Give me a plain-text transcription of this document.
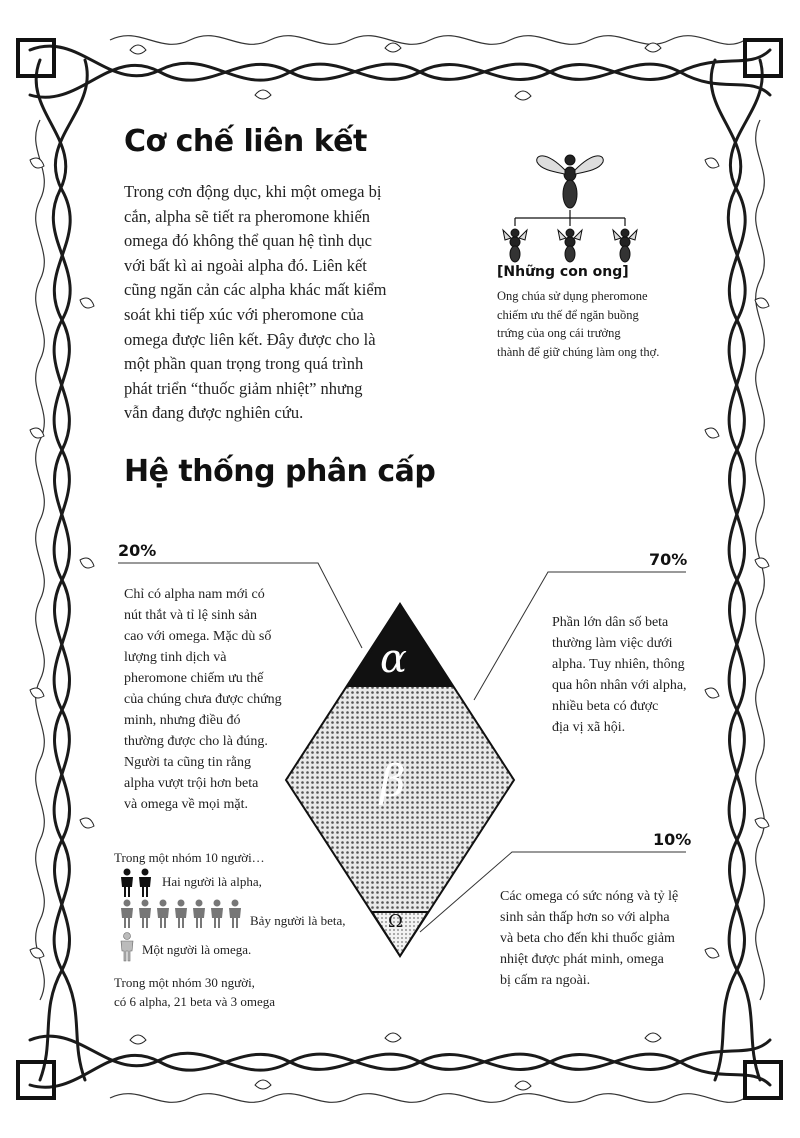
Cơ chế liên kết
Trong cơn động dục, khi một omega bị
cắn, alpha sẽ tiết ra pheromone khiến
omega đó không thể quan hệ tình dục
với bất kì ai ngoài alpha đó. Liên kết
cũng ngăn cản các alpha khác mất kiểm
soát khi tiếp xúc với pheromone của
omega được liên kết. Đây được cho là
một phần quan trọng trong quá trình
phát triển “thuốc giảm nhiệt” nhưng
vẫn đang được nghiên cứu.
[Những con ong]
Ong chúa sử dụng pheromone
chiếm ưu thế để ngăn buồng
trứng của ong cái trưởng
thành để giữ chúng làm ong thợ.
Hệ thống phân cấp
α
β
Ω
20%
Chỉ có alpha nam mới có
nút thắt và tỉ lệ sinh sản
cao với omega. Mặc dù số
lượng tinh dịch và
pheromone chiếm ưu thế
của chúng chưa được chứng
minh, nhưng điều đó
thường được cho là đúng.
Người ta cũng tin rằng
alpha vượt trội hơn beta
và omega về mọi mặt.
70%
Phần lớn dân số beta
thường làm việc dưới
alpha. Tuy nhiên, thông
qua hôn nhân với alpha,
nhiều beta có được
địa vị xã hội.
10%
Các omega có sức nóng và tỷ lệ
sinh sản thấp hơn so với alpha
và beta cho đến khi thuốc giảm
nhiệt được phát minh, omega
bị cấm ra ngoài.
Trong một nhóm 10 người…
Hai người là alpha,
Bảy người là beta,
Một người là omega.
Trong một nhóm 30 người,
có 6 alpha, 21 beta và 3 omega
